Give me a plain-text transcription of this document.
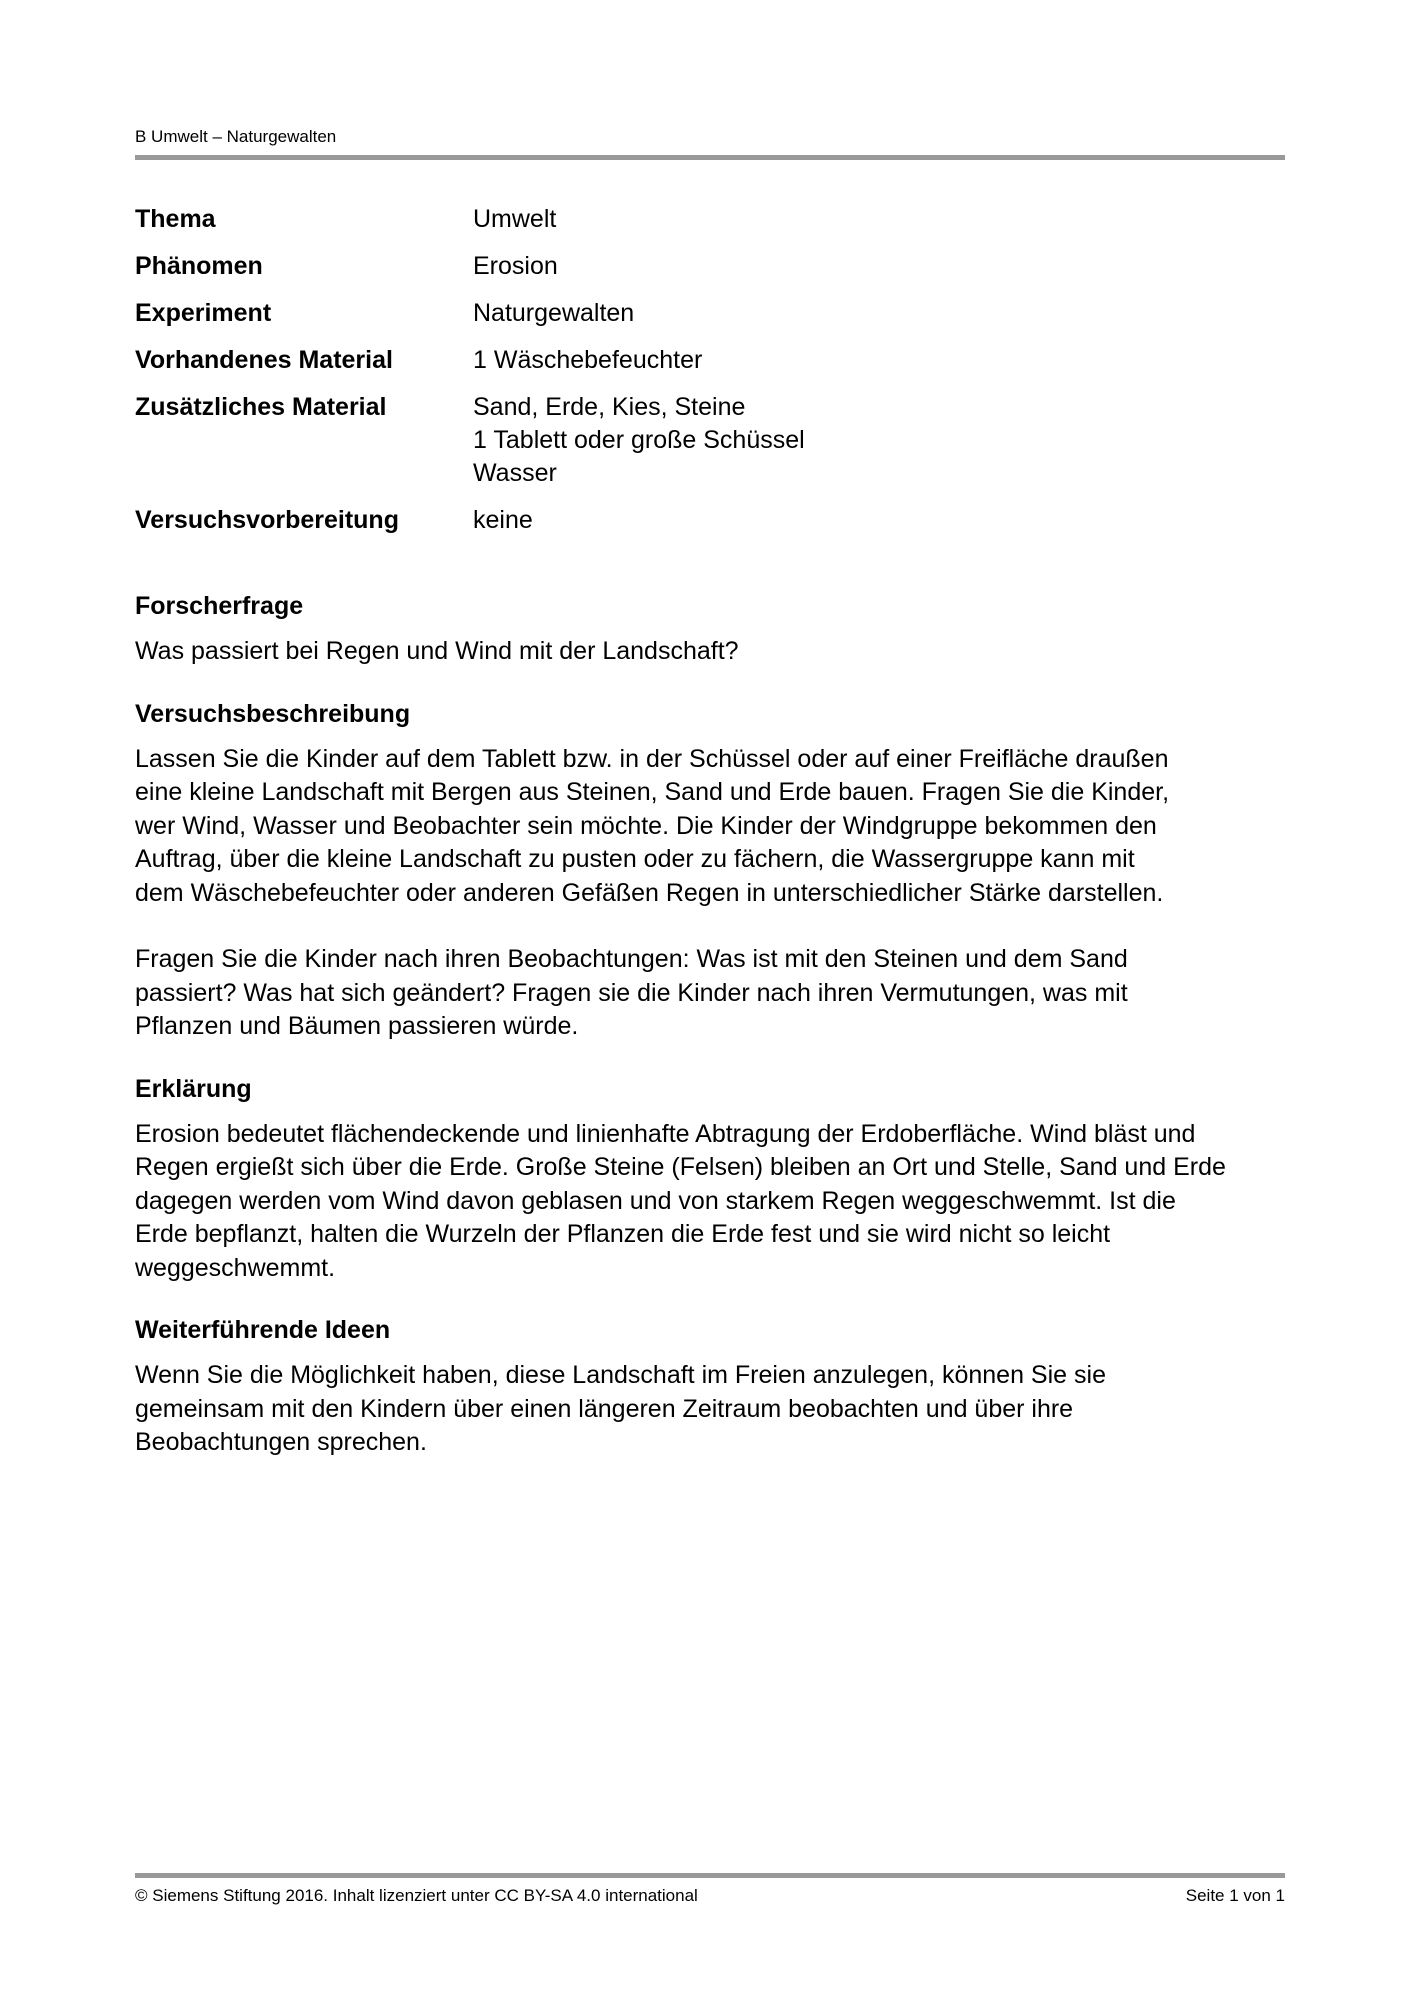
B Umwelt – Naturgewalten
Thema	Umwelt
Phänomen	Erosion
Experiment	Naturgewalten
Vorhandenes Material	1 Wäschebefeuchter
Zusätzliches Material	Sand, Erde, Kies, Steine
1 Tablett oder große Schüssel
Wasser
Versuchsvorbereitung	keine
Forscherfrage

Was passiert bei Regen und Wind mit der Landschaft?

Versuchsbeschreibung

Lassen Sie die Kinder auf dem Tablett bzw. in der Schüssel oder auf einer Freifläche draußen
eine kleine Landschaft mit Bergen aus Steinen, Sand und Erde bauen. Fragen Sie die Kinder,
wer Wind, Wasser und Beobachter sein möchte. Die Kinder der Windgruppe bekommen den
Auftrag, über die kleine Landschaft zu pusten oder zu fächern, die Wassergruppe kann mit
dem Wäschebefeuchter oder anderen Gefäßen Regen in unterschiedlicher Stärke darstellen.

Fragen Sie die Kinder nach ihren Beobachtungen: Was ist mit den Steinen und dem Sand
passiert? Was hat sich geändert? Fragen sie die Kinder nach ihren Vermutungen, was mit
Pflanzen und Bäumen passieren würde.

Erklärung

Erosion bedeutet flächendeckende und linienhafte Abtragung der Erdoberfläche. Wind bläst und
Regen ergießt sich über die Erde. Große Steine (Felsen) bleiben an Ort und Stelle, Sand und Erde
dagegen werden vom Wind davon geblasen und von starkem Regen weggeschwemmt. Ist die
Erde bepflanzt, halten die Wurzeln der Pflanzen die Erde fest und sie wird nicht so leicht
weggeschwemmt.

Weiterführende Ideen

Wenn Sie die Möglichkeit haben, diese Landschaft im Freien anzulegen, können Sie sie
gemeinsam mit den Kindern über einen längeren Zeitraum beobachten und über ihre
Beobachtungen sprechen.

© Siemens Stiftung 2016. Inhalt lizenziert unter CC BY-SA 4.0 international	Seite 1 von 1
